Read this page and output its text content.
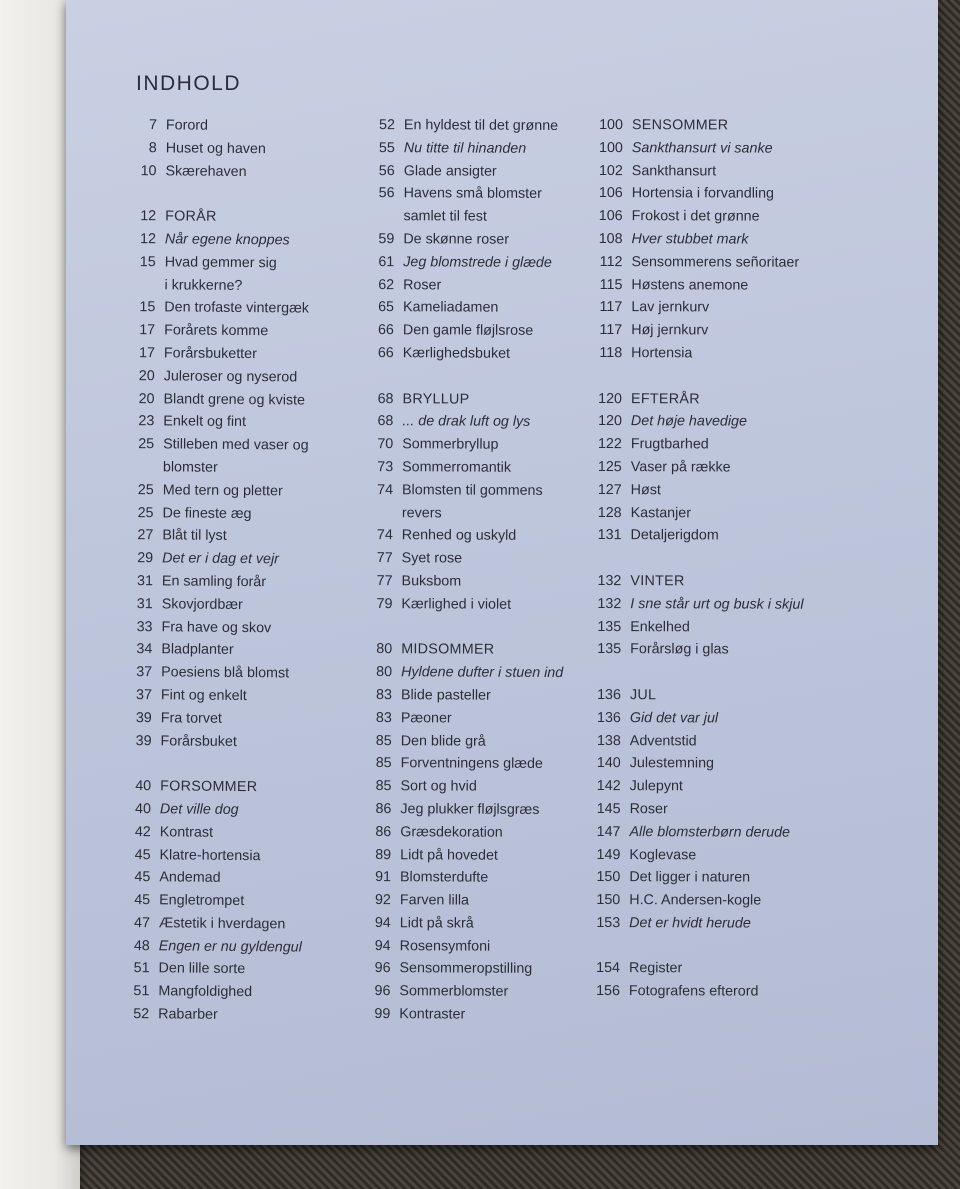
INDHOLD
7 Forord
8 Huset og haven
10 Skærehaven
12 FORÅR
12 Når egene knoppes
15 Hvad gemmer sig
i krukkerne?
15 Den trofaste vintergæk
17 Forårets komme
17 Forårsbuketter
20 Juleroser og nyserod
20 Blandt grene og kviste
23 Enkelt og fint
25 Stilleben med vaser og
blomster
25 Med tern og pletter
25 De fineste æg
27 Blåt til lyst
29 Det er i dag et vejr
31 En samling forår
31 Skovjordbær
33 Fra have og skov
34 Bladplanter
37 Poesiens blå blomst
37 Fint og enkelt
39 Fra torvet
39 Forårsbuket
40 FORSOMMER
40 Det ville dog
42 Kontrast
45 Klatre-hortensia
45 Andemad
45 Engletrompet
47 Æstetik i hverdagen
48 Engen er nu gyldengul
51 Den lille sorte
51 Mangfoldighed
52 Rabarber
52 En hyldest til det grønne
55 Nu titte til hinanden
56 Glade ansigter
56 Havens små blomster
samlet til fest
59 De skønne roser
61 Jeg blomstrede i glæde
62 Roser
65 Kameliadamen
66 Den gamle fløjlsrose
66 Kærlighedsbuket
68 BRYLLUP
68 ... de drak luft og lys
70 Sommerbryllup
73 Sommerromantik
74 Blomsten til gommens
revers
74 Renhed og uskyld
77 Syet rose
77 Buksbom
79 Kærlighed i violet
80 MIDSOMMER
80 Hyldene dufter i stuen ind
83 Blide pasteller
83 Pæoner
85 Den blide grå
85 Forventningens glæde
85 Sort og hvid
86 Jeg plukker fløjlsgræs
86 Græsdekoration
89 Lidt på hovedet
91 Blomsterdufte
92 Farven lilla
94 Lidt på skrå
94 Rosensymfoni
96 Sensommeropstilling
96 Sommerblomster
99 Kontraster
100 SENSOMMER
100 Sankthansurt vi sanke
102 Sankthansurt
106 Hortensia i forvandling
106 Frokost i det grønne
108 Hver stubbet mark
112 Sensommerens señoritaer
115 Høstens anemone
117 Lav jernkurv
117 Høj jernkurv
118 Hortensia
120 EFTERÅR
120 Det høje havedige
122 Frugtbarhed
125 Vaser på række
127 Høst
128 Kastanjer
131 Detaljerigdom
132 VINTER
132 I sne står urt og busk i skjul
135 Enkelhed
135 Forårsløg i glas
136 JUL
136 Gid det var jul
138 Adventstid
140 Julestemning
142 Julepynt
145 Roser
147 Alle blomsterbørn derude
149 Koglevase
150 Det ligger i naturen
150 H.C. Andersen-kogle
153 Det er hvidt herude
154 Register
156 Fotografens efterord
